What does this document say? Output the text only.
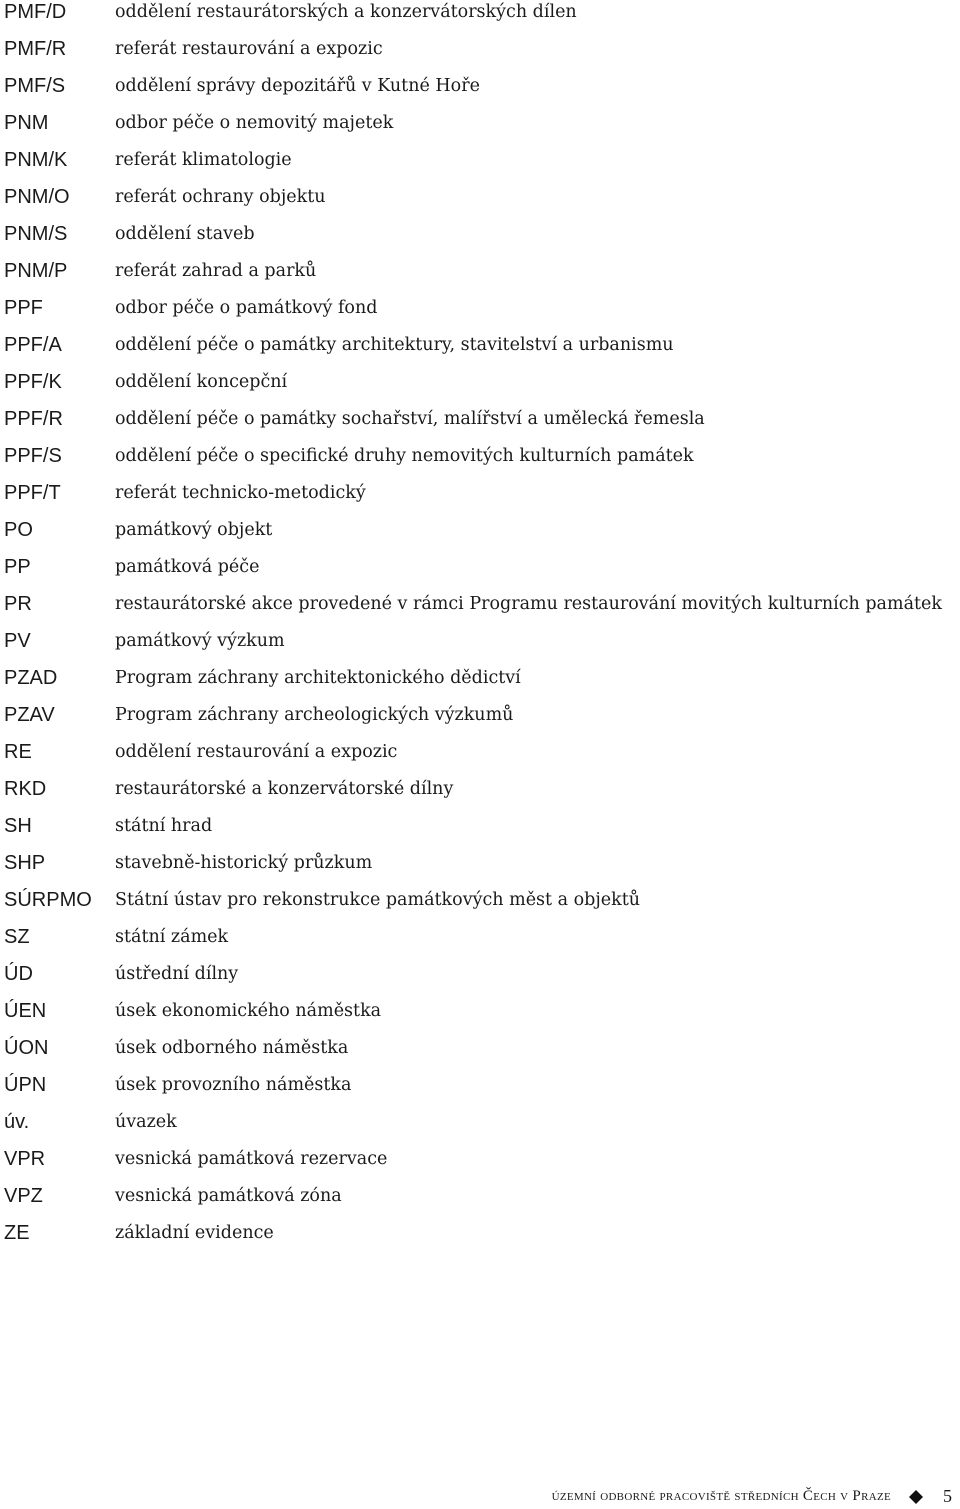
PMF/D	oddělení restaurátorských a konzervátorských dílen
PMF/R	referát restaurování a expozic
PMF/S	oddělení správy depozitářů v Kutné Hoře
PNM	odbor péče o nemovitý majetek
PNM/K	referát klimatologie
PNM/O	referát ochrany objektu
PNM/S	oddělení staveb
PNM/P	referát zahrad a parků
PPF	odbor péče o památkový fond
PPF/A	oddělení péče o památky architektury, stavitelství a urbanismu
PPF/K	oddělení koncepční
PPF/R	oddělení péče o památky sochařství, malířství a umělecká řemesla
PPF/S	oddělení péče o specifické druhy nemovitých kulturních památek
PPF/T	referát technicko-metodický
PO	památkový objekt
PP	památková péče
PR	restaurátorské akce provedené v rámci Programu restaurování movitých kulturních památek
PV	památkový výzkum
PZAD	Program záchrany architektonického dědictví
PZAV	Program záchrany archeologických výzkumů
RE	oddělení restaurování a expozic
RKD	restaurátorské a konzervátorské dílny
SH	státní hrad
SHP	stavebně-historický průzkum
SÚRPMO Státní ústav pro rekonstrukce památkových měst a objektů
SZ	státní zámek
ÚD	ústřední dílny
ÚEN	úsek ekonomického náměstka
ÚON	úsek odborného náměstka
ÚPN	úsek provozního náměstka
úv.	úvazek
VPR	vesnická památková rezervace
VPZ	vesnická památková zóna
ZE	základní evidence
územní odborné pracoviště středních Čech v Praze	5
